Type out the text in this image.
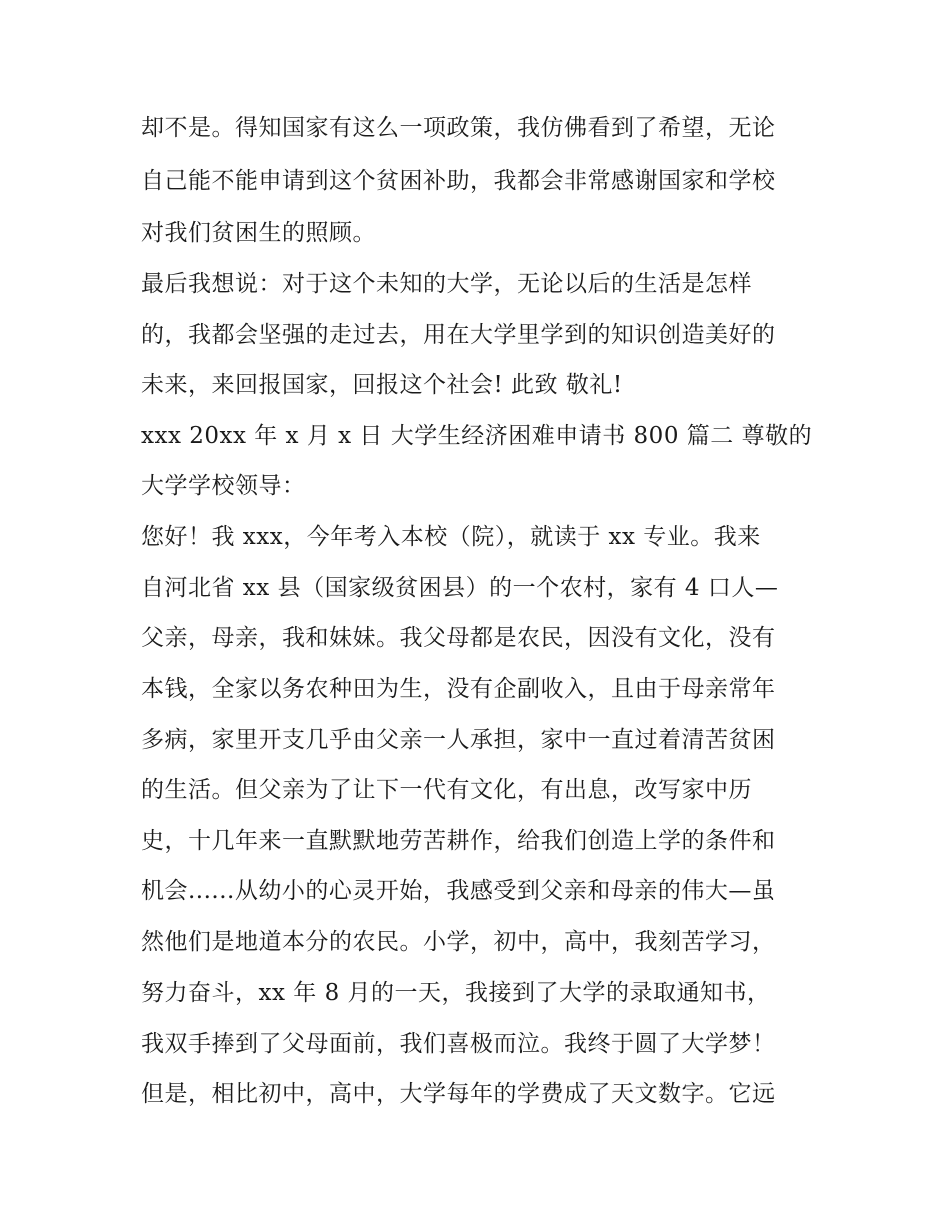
却不是。得知国家有这么一项政策，我仿佛看到了希望，无论
自己能不能申请到这个贫困补助，我都会非常感谢国家和学校
对我们贫困生的照顾。
最后我想说：对于这个未知的大学，无论以后的生活是怎样
的，我都会坚强的走过去，用在大学里学到的知识创造美好的
未来，来回报国家，回报这个社会! 此致 敬礼!
xxx 20xx 年 x 月 x 日 大学生经济困难申请书 800 篇二 尊敬的
大学学校领导：
您好！我 xxx，今年考入本校（院），就读于 xx 专业。我来
自河北省 xx 县（国家级贫困县）的一个农村，家有 4 口人—
父亲，母亲，我和妹妹。我父母都是农民，因没有文化，没有
本钱，全家以务农种田为生，没有企副收入，且由于母亲常年
多病，家里开支几乎由父亲一人承担，家中一直过着清苦贫困
的生活。但父亲为了让下一代有文化，有出息，改写家中历
史，十几年来一直默默地劳苦耕作，给我们创造上学的条件和
机会......从幼小的心灵开始，我感受到父亲和母亲的伟大—虽
然他们是地道本分的农民。小学，初中，高中，我刻苦学习，
努力奋斗，xx 年 8 月的一天，我接到了大学的录取通知书，
我双手捧到了父母面前，我们喜极而泣。我终于圆了大学梦！
但是，相比初中，高中，大学每年的学费成了天文数字。它远
